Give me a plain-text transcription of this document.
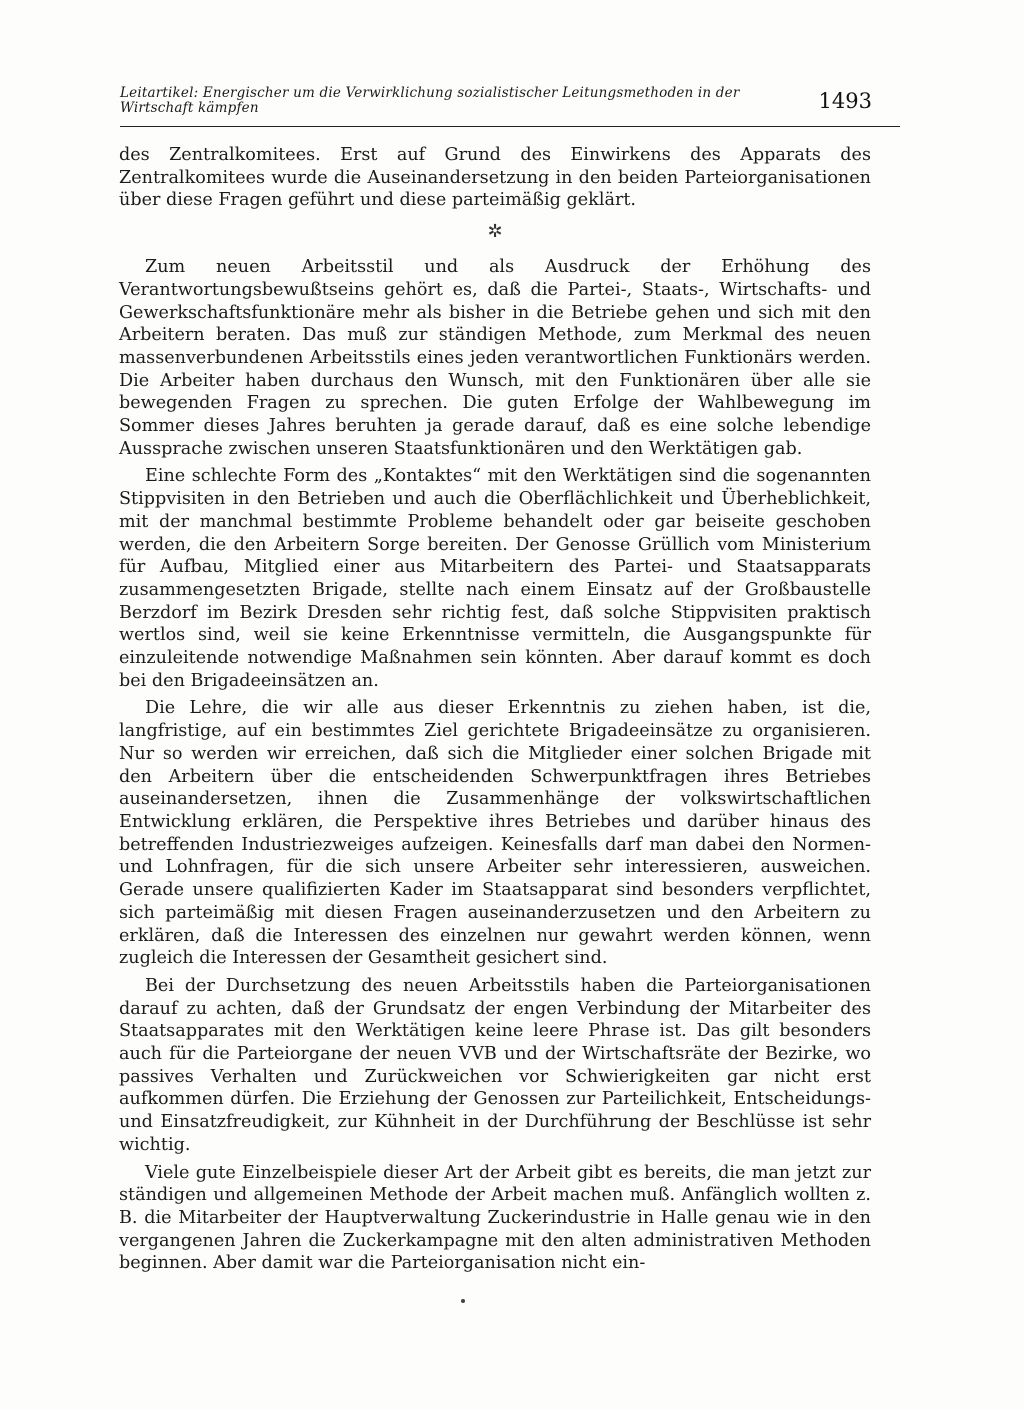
Leitartikel: Energischer um die Verwirklichung sozialistischer Leitungsmethoden in der Wirtschaft kämpfen	1493

des Zentralkomitees. Erst auf Grund des Einwirkens des Apparats des Zentralkomitees wurde die Auseinandersetzung in den beiden Parteiorganisationen über diese Fragen geführt und diese parteimäßig geklärt.

✲

Zum neuen Arbeitsstil und als Ausdruck der Erhöhung des Verantwortungsbewußtseins gehört es, daß die Partei-, Staats-, Wirtschafts- und Gewerkschaftsfunktionäre mehr als bisher in die Betriebe gehen und sich mit den Arbeitern beraten. Das muß zur ständigen Methode, zum Merkmal des neuen massenverbundenen Arbeitsstils eines jeden verantwortlichen Funktionärs werden. Die Arbeiter haben durchaus den Wunsch, mit den Funktionären über alle sie bewegenden Fragen zu sprechen. Die guten Erfolge der Wahlbewegung im Sommer dieses Jahres beruhten ja gerade darauf, daß es eine solche lebendige Aussprache zwischen unseren Staatsfunktionären und den Werktätigen gab.

Eine schlechte Form des „Kontaktes“ mit den Werktätigen sind die sogenannten Stippvisiten in den Betrieben und auch die Oberflächlichkeit und Überheblichkeit, mit der manchmal bestimmte Probleme behandelt oder gar beiseite geschoben werden, die den Arbeitern Sorge bereiten. Der Genosse Grüllich vom Ministerium für Aufbau, Mitglied einer aus Mitarbeitern des Partei- und Staatsapparats zusammengesetzten Brigade, stellte nach einem Einsatz auf der Großbaustelle Berzdorf im Bezirk Dresden sehr richtig fest, daß solche Stippvisiten praktisch wertlos sind, weil sie keine Erkenntnisse vermitteln, die Ausgangspunkte für einzuleitende notwendige Maßnahmen sein könnten. Aber darauf kommt es doch bei den Brigadeeinsätzen an.

Die Lehre, die wir alle aus dieser Erkenntnis zu ziehen haben, ist die, langfristige, auf ein bestimmtes Ziel gerichtete Brigadeeinsätze zu organisieren. Nur so werden wir erreichen, daß sich die Mitglieder einer solchen Brigade mit den Arbeitern über die entscheidenden Schwerpunktfragen ihres Betriebes auseinandersetzen, ihnen die Zusammenhänge der volkswirtschaftlichen Entwicklung erklären, die Perspektive ihres Betriebes und darüber hinaus des betreffenden Industriezweiges aufzeigen. Keinesfalls darf man dabei den Normen- und Lohnfragen, für die sich unsere Arbeiter sehr interessieren, ausweichen. Gerade unsere qualifizierten Kader im Staatsapparat sind besonders verpflichtet, sich parteimäßig mit diesen Fragen auseinanderzusetzen und den Arbeitern zu erklären, daß die Interessen des einzelnen nur gewahrt werden können, wenn zugleich die Interessen der Gesamtheit gesichert sind.

Bei der Durchsetzung des neuen Arbeitsstils haben die Parteiorganisationen darauf zu achten, daß der Grundsatz der engen Verbindung der Mitarbeiter des Staatsapparates mit den Werktätigen keine leere Phrase ist. Das gilt besonders auch für die Parteiorgane der neuen VVB und der Wirtschaftsräte der Bezirke, wo passives Verhalten und Zurückweichen vor Schwierigkeiten gar nicht erst aufkommen dürfen. Die Erziehung der Genossen zur Parteilichkeit, Entscheidungs- und Einsatzfreudigkeit, zur Kühnheit in der Durchführung der Beschlüsse ist sehr wichtig.

Viele gute Einzelbeispiele dieser Art der Arbeit gibt es bereits, die man jetzt zur ständigen und allgemeinen Methode der Arbeit machen muß. Anfänglich wollten z. B. die Mitarbeiter der Hauptverwaltung Zuckerindustrie in Halle genau wie in den vergangenen Jahren die Zuckerkampagne mit den alten administrativen Methoden beginnen. Aber damit war die Parteiorganisation nicht ein-
